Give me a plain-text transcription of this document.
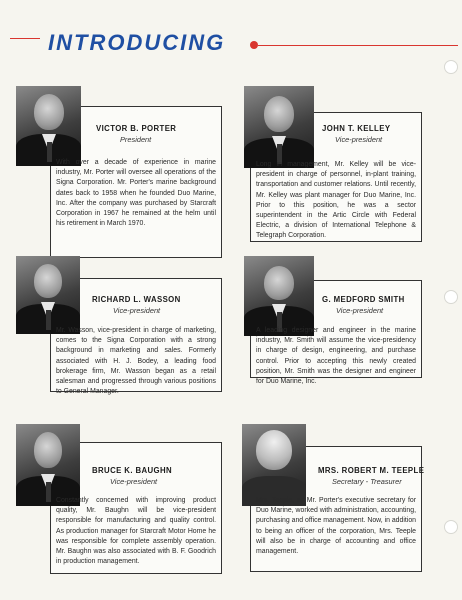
INTRODUCING
VICTOR B. PORTER
President

With over a decade of experience in marine industry, Mr. Porter will oversee all operations of the Signa Corporation. Mr. Porter's marine background dates back to 1958 when he founded Duo Marine, Inc. After the company was purchased by Starcraft Corporation in 1967 he remained at the helm until his retirement in March 1970.

JOHN T. KELLEY
Vice-president

Long in management, Mr. Kelley will be vice-president in charge of personnel, in-plant training, transportation and customer relations. Until recently, Mr. Kelley was plant manager for Duo Marine, Inc. Prior to this position, he was a sector superintendent in the Artic Circle with Federal Electric, a division of International Telephone & Telegraph Corporation.

RICHARD L. WASSON
Vice-president

Mr. Wasson, vice-president in charge of marketing, comes to the Signa Corporation with a strong background in marketing and sales. Formerly associated with H. J. Bodey, a leading food brokerage firm, Mr. Wasson began as a retail salesman and progressed through various positions to General Manager.

G. MEDFORD SMITH
Vice-president

A leading designer and engineer in the marine industry, Mr. Smith will assume the vice-presidency in charge of design, engineering, and purchase control. Prior to accepting this newly created position, Mr. Smith was the designer and engineer for Duo Marine, Inc.

BRUCE K. BAUGHN
Vice-president

Constantly concerned with improving product quality, Mr. Baughn will be vice-president responsible for manufacturing and quality control. As production manager for Starcraft Motor Home he was responsible for complete assembly operation. Mr. Baughn was also associated with B. F. Goodrich in production management.

MRS. ROBERT M. TEEPLE
Secretary - Treasurer

Mrs. Teeple, as Mr. Porter's executive secretary for Duo Marine, worked with administration, accounting, purchasing and office management. Now, in addition to being an officer of the corporation, Mrs. Teeple will also be in charge of accounting and office management.
